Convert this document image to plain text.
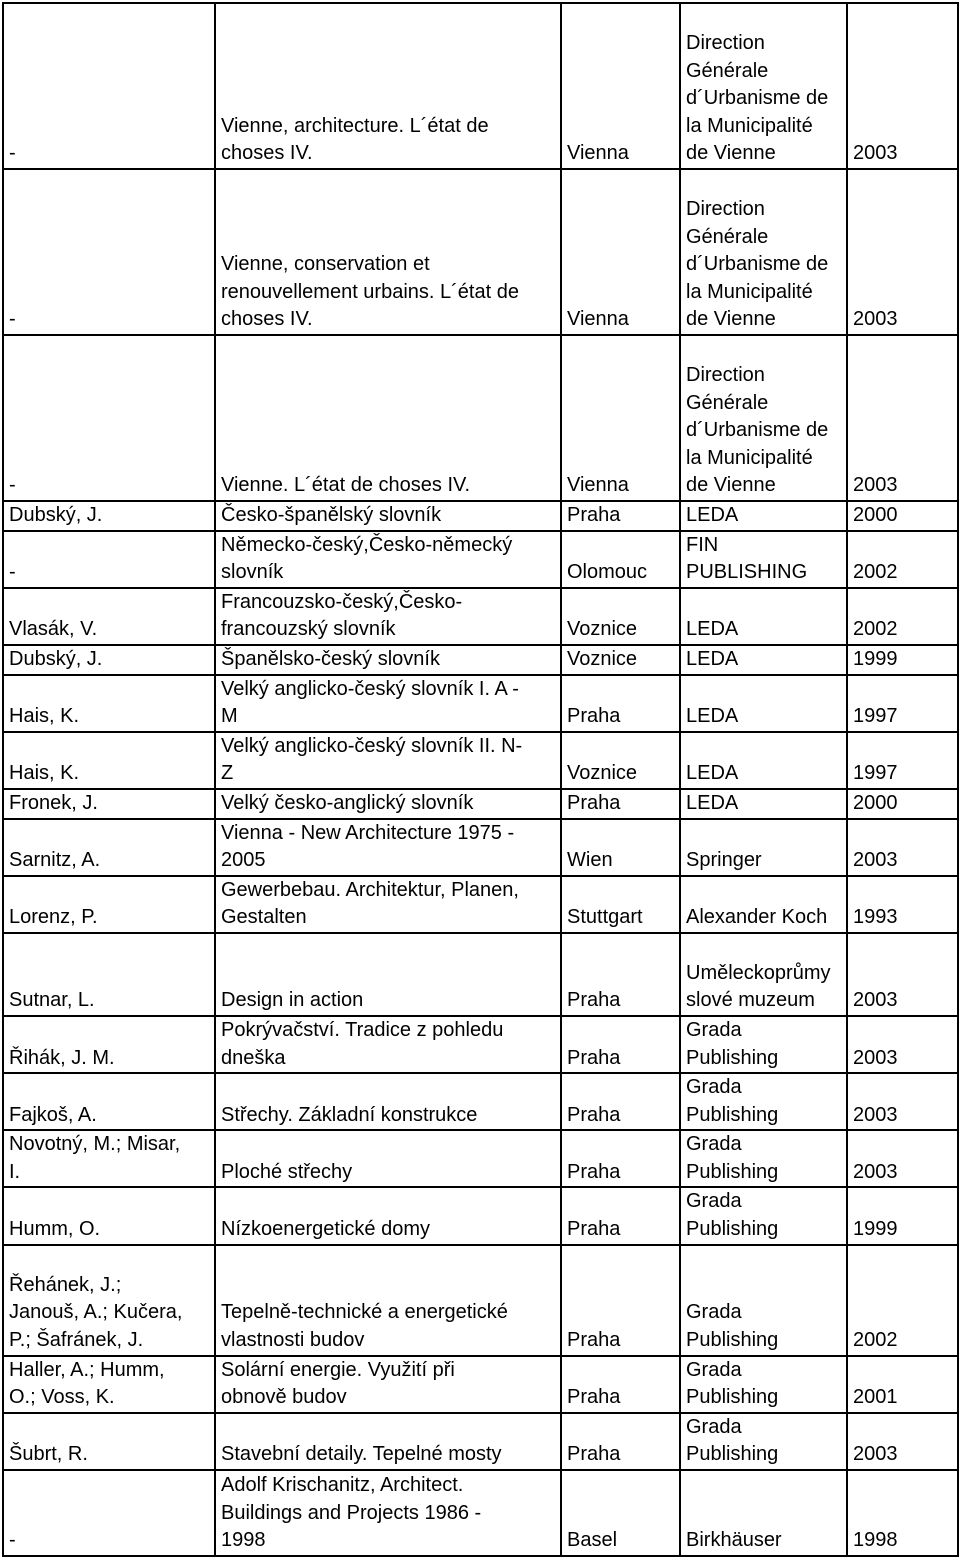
-	Vienne, architecture. L´état de
choses IV.	Vienna	Direction
Générale
d´Urbanisme de
la Municipalité
de Vienne	2003
-	Vienne, conservation et
renouvellement urbains. L´état de
choses IV.	Vienna	Direction
Générale
d´Urbanisme de
la Municipalité
de Vienne	2003
-	Vienne. L´état de choses IV.	Vienna	Direction
Générale
d´Urbanisme de
la Municipalité
de Vienne	2003
Dubský, J.	Česko-španělský slovník	Praha	LEDA	2000
-	Německo-český,Česko-německý
slovník	Olomouc	FIN
PUBLISHING	2002
Vlasák, V.	Francouzsko-český,Česko-
francouzský slovník	Voznice	LEDA	2002
Dubský, J.	Španělsko-český slovník	Voznice	LEDA	1999
Hais, K.	Velký anglicko-český slovník I. A -
M	Praha	LEDA	1997
Hais, K.	Velký anglicko-český slovník II. N-
Z	Voznice	LEDA	1997
Fronek, J.	Velký česko-anglický slovník	Praha	LEDA	2000
Sarnitz, A.	Vienna - New Architecture 1975 -
2005	Wien	Springer	2003
Lorenz, P.	Gewerbebau. Architektur, Planen,
Gestalten	Stuttgart	Alexander Koch	1993
Sutnar, L.	Design in action	Praha	Uměleckoprůmy
slové muzeum	2003
Řihák, J. M.	Pokrývačství. Tradice z pohledu
dneška	Praha	Grada
Publishing	2003
Fajkoš, A.	Střechy. Základní konstrukce	Praha	Grada
Publishing	2003
Novotný, M.; Misar,
I.	Ploché střechy	Praha	Grada
Publishing	2003
Humm, O.	Nízkoenergetické domy	Praha	Grada
Publishing	1999
Řehánek, J.;
Janouš, A.; Kučera,
P.; Šafránek, J.	Tepelně-technické a energetické
vlastnosti budov	Praha	Grada
Publishing	2002
Haller, A.; Humm,
O.; Voss, K.	Solární energie. Využití při
obnově budov	Praha	Grada
Publishing	2001
Šubrt, R.	Stavební detaily. Tepelné mosty	Praha	Grada
Publishing	2003
-	Adolf Krischanitz, Architect.
Buildings and Projects 1986 -
1998	Basel	Birkhäuser	1998
